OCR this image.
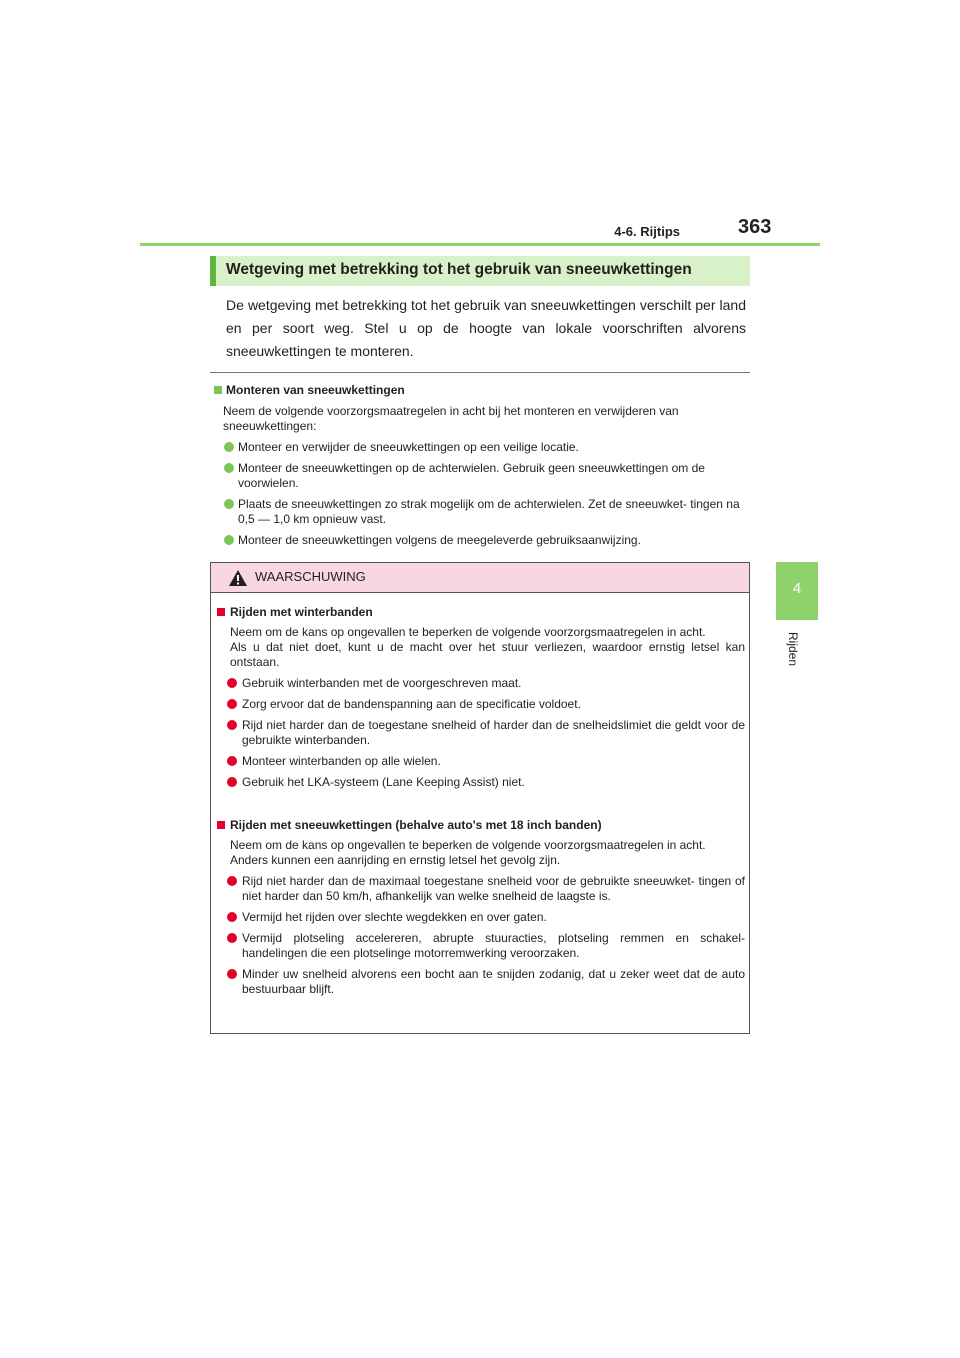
4-6. Rijtips	363
4
Rijden
Wetgeving met betrekking tot het gebruik van sneeuwkettingen
De wetgeving met betrekking tot het gebruik van sneeuwkettingen verschilt per land en per soort weg. Stel u op de hoogte van lokale voorschriften alvorens sneeuwkettingen te monteren.
Monteren van sneeuwkettingen
Neem de volgende voorzorgsmaatregelen in acht bij het monteren en verwijderen van sneeuwkettingen:
Monteer en verwijder de sneeuwkettingen op een veilige locatie.
Monteer de sneeuwkettingen op de achterwielen. Gebruik geen sneeuwkettingen om de voorwielen.
Plaats de sneeuwkettingen zo strak mogelijk om de achterwielen. Zet de sneeuwket- tingen na 0,5 — 1,0 km opnieuw vast.
Monteer de sneeuwkettingen volgens de meegeleverde gebruiksaanwijzing.
WAARSCHUWING
Rijden met winterbanden
Neem om de kans op ongevallen te beperken de volgende voorzorgsmaatregelen in acht.
Als u dat niet doet, kunt u de macht over het stuur verliezen, waardoor ernstig letsel kan ontstaan.
Gebruik winterbanden met de voorgeschreven maat.
Zorg ervoor dat de bandenspanning aan de specificatie voldoet.
Rijd niet harder dan de toegestane snelheid of harder dan de snelheidslimiet die geldt voor de gebruikte winterbanden.
Monteer winterbanden op alle wielen.
Gebruik het LKA-systeem (Lane Keeping Assist) niet.
Rijden met sneeuwkettingen (behalve auto's met 18 inch banden)
Neem om de kans op ongevallen te beperken de volgende voorzorgsmaatregelen in acht.
Anders kunnen een aanrijding en ernstig letsel het gevolg zijn.
Rijd niet harder dan de maximaal toegestane snelheid voor de gebruikte sneeuwket- tingen of niet harder dan 50 km/h, afhankelijk van welke snelheid de laagste is.
Vermijd het rijden over slechte wegdekken en over gaten.
Vermijd plotseling accelereren, abrupte stuuracties, plotseling remmen en schakel- handelingen die een plotselinge motorremwerking veroorzaken.
Minder uw snelheid alvorens een bocht aan te snijden zodanig, dat u zeker weet dat de auto bestuurbaar blijft.
